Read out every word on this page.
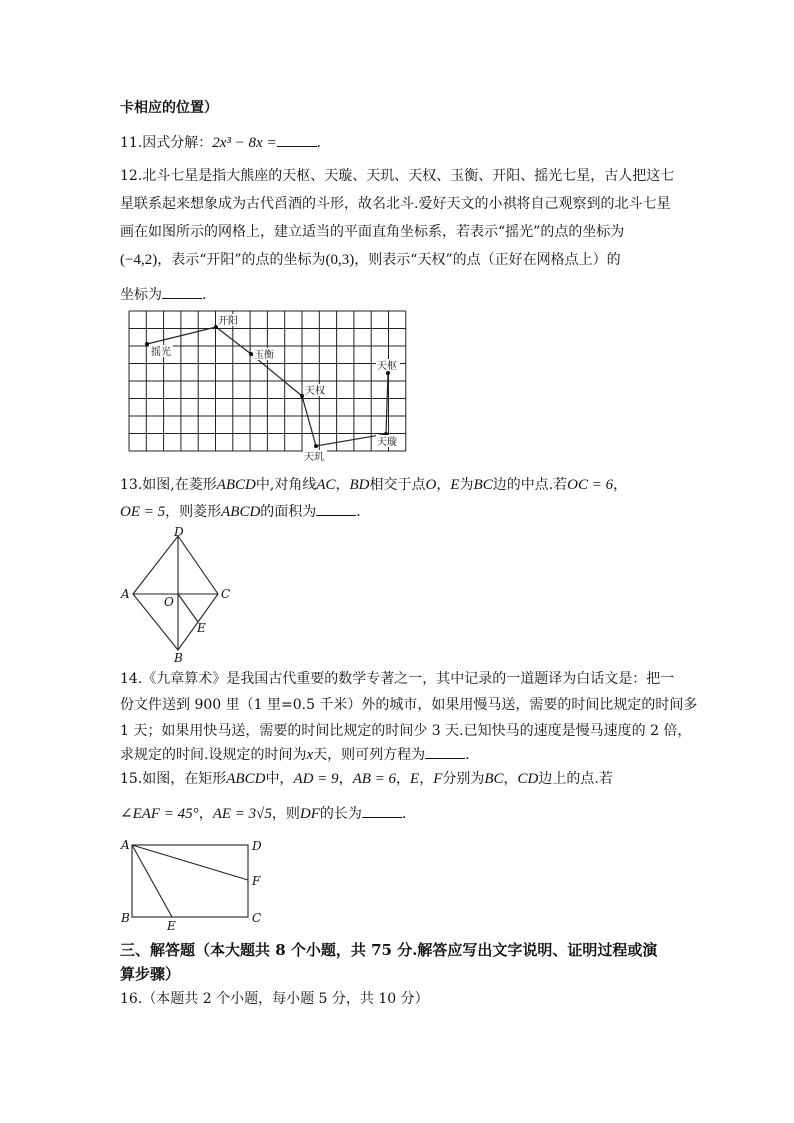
卡相应的位置）
11.因式分解：2x³ − 8x =	.
12.北斗七星是指大熊座的天枢、天璇、天玑、天权、玉衡、开阳、摇光七星，古人把这七
星联系起来想象成为古代舀酒的斗形，故名北斗.爱好天文的小祺将自己观察到的北斗七星
画在如图所示的网格上，建立适当的平面直角坐标系，若表示“摇光”的点的坐标为
(−4,2)，表示“开阳”的点的坐标为(0,3)，则表示“天权”的点（正好在网格点上）的
坐标为	.
摇光
开阳
玉衡
天权
天玑
天璇
天枢
13.如图,在菱形ABCD中,对角线AC，BD相交于点O，E为BC边的中点.若OC = 6，
OE = 5，则菱形ABCD的面积为	.
A
D
C
B
O
E
14.《九章算术》是我国古代重要的数学专著之一，其中记录的一道题译为白话文是：把一
份文件送到 900 里（1 里=0.5 千米）外的城市，如果用慢马送，需要的时间比规定的时间多
1 天；如果用快马送，需要的时间比规定的时间少 3 天.已知快马的速度是慢马速度的 2 倍，
求规定的时间.设规定的时间为x天，则可列方程为	.
15.如图，在矩形ABCD中，AD = 9，AB = 6，E，F分别为BC，CD边上的点.若
∠EAF = 45°，AE = 3√5，则DF的长为	.
A	D
F
B
E
C
三、解答题（本大题共 8 个小题，共 75 分.解答应写出文字说明、证明过程或演
算步骤）
16.（本题共 2 个小题，每小题 5 分，共 10 分）
